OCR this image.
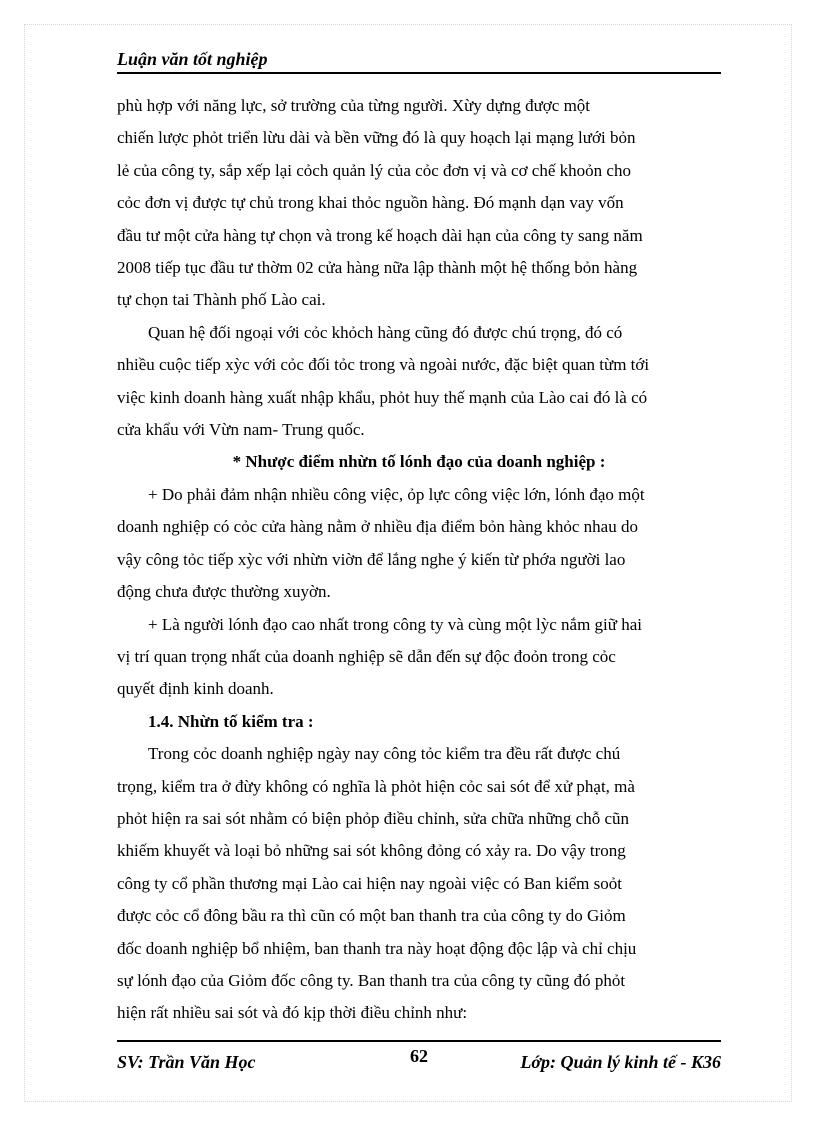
Luận văn tốt nghiệp

phù hợp với năng lực, sở trường của từng người. Xừy dựng được một

chiến lược phỏt triển lừu dài và bền vững đó là quy hoạch lại mạng lưới bỏn

lẻ của công ty, sắp xếp lại cỏch quản lý của cỏc đơn vị và cơ chế khoỏn cho

cỏc đơn vị được tự chủ trong khai thỏc nguồn hàng. Đó mạnh dạn vay vốn

đầu tư một cửa hàng tự chọn và trong kế hoạch dài hạn của công ty sang năm

2008 tiếp tục đầu tư thờm 02 cửa hàng nữa lập thành một hệ thống bỏn hàng

tự chọn tai Thành phố Lào cai.

Quan hệ đối ngoại với cỏc khỏch hàng cũng đó được chú trọng, đó có

nhiều cuộc tiếp xỳc với cỏc đối tỏc trong và ngoài nước, đặc biệt quan từm tới

việc kinh doanh hàng xuất nhập khẩu, phỏt huy thế mạnh của Lào cai đó là có

cửa khẩu với Vừn nam- Trung quốc.

* Nhược điểm nhừn tố lónh đạo của doanh nghiệp :

+ Do phải đảm nhận nhiều công việc, ỏp lực công việc lớn, lónh đạo một

doanh nghiệp có cỏc cửa hàng nằm ở nhiều địa điểm bỏn hàng khỏc nhau do

vậy công tỏc tiếp xỳc với nhừn viờn để lắng nghe ý kiến từ phớa người lao

động chưa được thường xuyờn.

+ Là người lónh đạo cao nhất trong công ty và cùng một lỳc nắm giữ hai

vị trí quan trọng nhất của doanh nghiệp sẽ dẫn đến sự độc đoỏn trong cỏc

quyết định kinh doanh.

1.4. Nhừn tố kiểm tra :

Trong cỏc doanh nghiệp ngày nay công tỏc kiểm tra đều rất được chú

trọng, kiểm tra ở đừy không có nghĩa là phỏt hiện cỏc sai sót để xử phạt, mà

phỏt hiện ra sai sót nhằm có biện phỏp điều chỉnh, sửa chữa những chỗ cũn

khiếm khuyết và loại bỏ những sai sót không đỏng có xảy ra. Do vậy trong

công ty cổ phần thương mại Lào cai hiện nay ngoài việc có Ban kiểm soỏt

được cỏc cổ đông bầu ra thì cũn có một ban thanh tra của công ty do Giỏm

đốc doanh nghiệp bổ nhiệm, ban thanh tra này hoạt động độc lập và chỉ chịu

sự lónh đạo của Giỏm đốc công ty. Ban thanh tra của công ty cũng đó phỏt

hiện rất nhiều sai sót và đó kịp thời điều chỉnh như:

SV: Trần Văn Học	62	Lớp: Quản lý kinh tế - K36
